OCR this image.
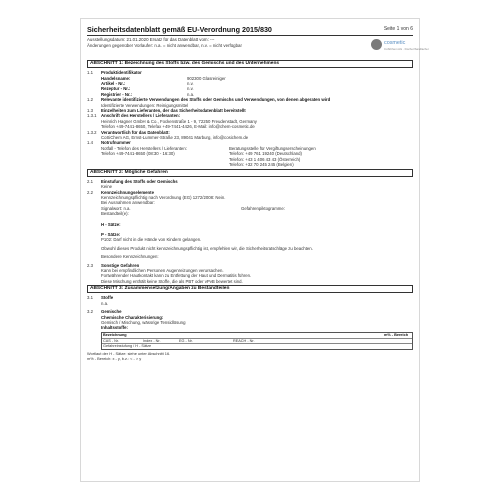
Sicherheitsdatenblatt gemäß EU-Verordnung 2015/830	Seite 1 von 6
Ausstellungsdatum: 21.01.2020 Ersatz für das Datenblatt vom: ---
Änderungen gegenüber Vorlaufer: n.a. = nicht anwendbar, n.v. = nicht verfügbar	cosmetic
CoSiChem AG · Fischer/Sandlacher
ABSCHNITT 1: Bezeichnung des Stoffs bzw. des Gemischs und des Unternehmens
1.1	Produktidentifikator
Handelsname:	902300 Glasreiniger
Artikel - Nr.:	n.v.
Rezeptur - Nr.:	n.v.
Registrier - Nr.:	n.a.
1.2	Relevante identifizierte Verwendungen des Stoffs oder Gemischs und Verwendungen, von denen abgeraten wird
Identifizierte Verwendungen: Reinigungsmittel
1.3	Einzelheiten zum Lieferanten, der das Sicherheitsdatenblatt bereitstellt
1.3.1	Anschrift des Herstellers / Lieferanten:
Heinrich Hagner GmbH & Co., Fockenstraße 1 - 9, 72250 Freudenstadt, Germany
Telefon +49-7441-8650, Telefax +49-7441-4426, E-Mail: info@chem-cosmetic.de
1.3.2	Verantwortlich für das Datenblatt:
CoSiChem AG, Ernst-Lummer-Straße 23, 89041 Marburg, info@cosichem.de
1.4	Notrufnummer
Notfall - Telefon des Herstellers / Lieferanten:
Telefon +49-7441-8650 (08:30 - 16:30)
Beratungsstelle für Vergiftungserscheinungen
Telefon: +49 761 19240 (Deutschland)
Telefon: +43 1 406 43 43 (Österreich)
Telefon: +32 70 245 245 (Belgien)
ABSCHNITT 2: Mögliche Gefahren
2.1	Einstufung des Stoffs oder Gemischs
Keine
2.2	Kennzeichnungselemente
Kennzeichnungspflichtig nach Verordnung (EG) 1272/2008: Nein.
Bei Ausnahmen anwendbar:
Signalwort: n.a.	Gefahrenpiktogramme:
Bestandteil(e):
H - Sätze:
P - Sätze:
P102: Darf nicht in die Hände von Kindern gelangen.
Obwohl dieses Produkt nicht kennzeichnungspflichtig ist, empfehlen wir, die Sicherheitsratschläge zu beachten.
Besondere Kennzeichnungen:
2.3	Sonstige Gefahren
Kann bei empfindlichen Personen Augenreizungen verursachen.
Fortwährender Hautkontakt kann zu Entfettung der Haut und Dermatitis führen.
Diese Mischung enthält keine Stoffe, die als PBT oder vPvB bewertet sind.
ABSCHNITT 3: Zusammensetzung/Angaben zu Bestandteilen
3.1	Stoffe
n.a.
3.2	Gemische
Chemische Charakterisierung:
Gemisch / Mischung, wässrige Tensidlösung
Inhaltsstoffe:
Bezeichnung	m% - Bereich
CAS - Nr.	Index - Nr.	EG - Nr.	REACH - Nr.
Gefahreinstufung / H - Sätze
Wortlaut der H - Sätze: siehe unter Abschnitt 16.
m% - Bereich: x - y, b.z.: < - > y
